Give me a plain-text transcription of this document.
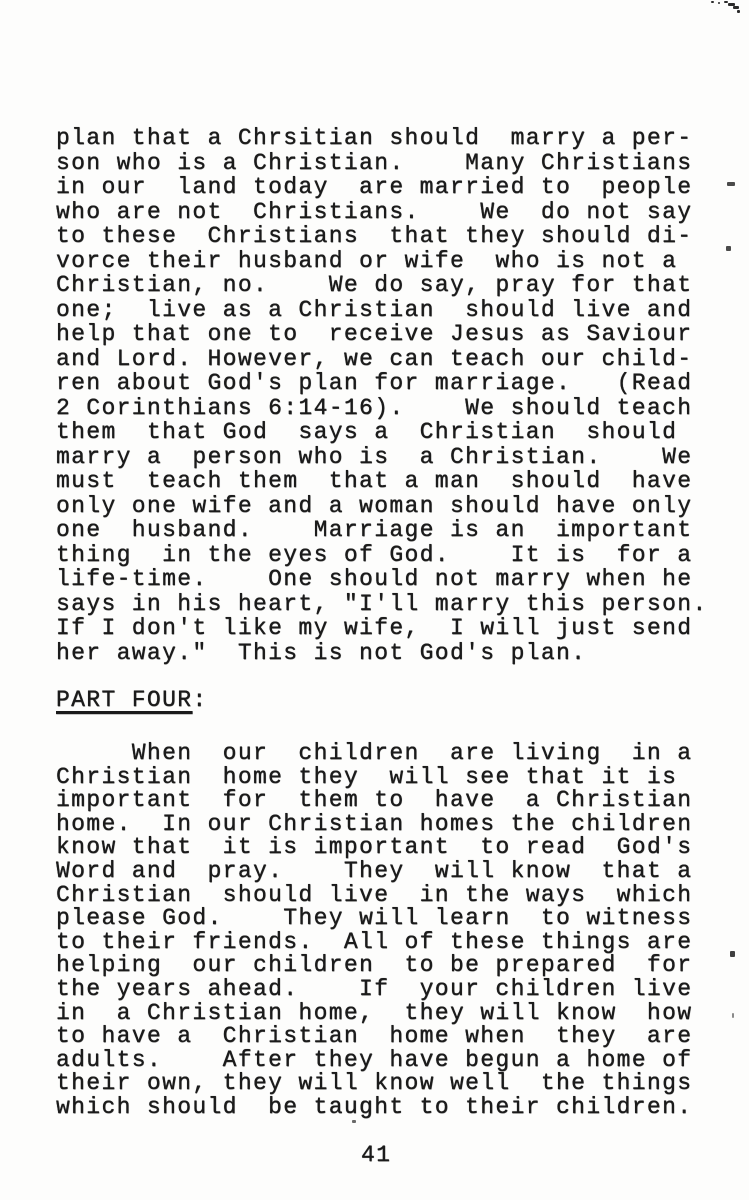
plan that a Chrsitian should  marry a per-
son who is a Christian.    Many Christians
in our  land today  are married to  people
who are not  Christians.    We  do not say
to these  Christians  that they should di-
vorce their husband or wife  who is not a
Christian, no.    We do say, pray for that
one;  live as a Christian  should live and
help that one to  receive Jesus as Saviour
and Lord. However, we can teach our child-
ren about God's plan for marriage.   (Read
2 Corinthians 6:14-16).    We should teach
them  that God  says a  Christian  should
marry a  person who is  a Christian.    We
must  teach them  that a man  should  have
only one wife and a woman should have only
one  husband.    Marriage is an  important
thing  in the eyes of God.    It is  for a
life-time.    One should not marry when he
says in his heart, "I'll marry this person.
If I don't like my wife,  I will just send
her away."  This is not God's plan.
PART FOUR:
When  our  children  are living  in a
Christian  home they  will see that it is
important  for  them to  have  a Christian
home.  In our Christian homes the children
know that  it is important  to read  God's
Word and  pray.    They  will know  that a
Christian  should live  in the ways  which
please God.    They will learn  to witness
to their friends.  All of these things are
helping  our children  to be prepared  for
the years ahead.    If  your children live
in  a Christian home,  they will know  how
to have a  Christian  home when  they  are
adults.    After they have begun a home of
their own, they will know well  the things
which should  be taught to their children.
41
